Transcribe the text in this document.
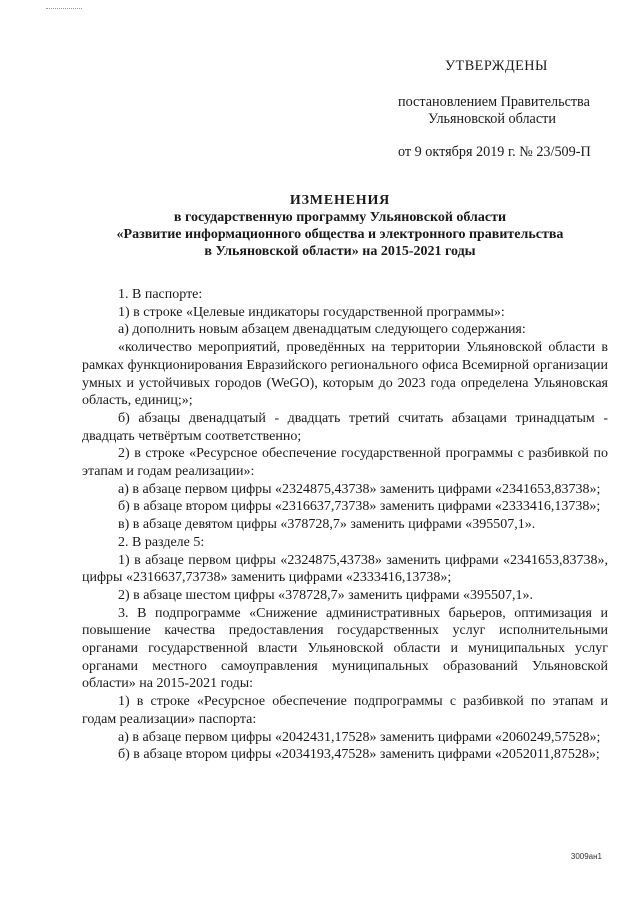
УТВЕРЖДЕНЫ
постановлением Правительства
Ульяновской области
от 9 октября 2019 г. № 23/509-П
ИЗМЕНЕНИЯ
в государственную программу Ульяновской области
«Развитие информационного общества и электронного правительства
в Ульяновской области» на 2015-2021 годы

1. В паспорте:

1) в строке «Целевые индикаторы государственной программы»:

а) дополнить новым абзацем двенадцатым следующего содержания:

«количество мероприятий, проведённых на территории Ульяновской области в рамках функционирования Евразийского регионального офиса Всемирной организации умных и устойчивых городов (WeGO), которым до 2023 года определена Ульяновская область, единиц;»;

б) абзацы двенадцатый - двадцать третий считать абзацами тринадцатым - двадцать четвёртым соответственно;

2) в строке «Ресурсное обеспечение государственной программы с разбивкой по этапам и годам реализации»:

а) в абзаце первом цифры «2324875,43738» заменить цифрами «2341653,83738»;

б) в абзаце втором цифры «2316637,73738» заменить цифрами «2333416,13738»;

в) в абзаце девятом цифры «378728,7» заменить цифрами «395507,1».

2. В разделе 5:

1) в абзаце первом цифры «2324875,43738» заменить цифрами «2341653,83738», цифры «2316637,73738» заменить цифрами «2333416,13738»;

2) в абзаце шестом цифры «378728,7» заменить цифрами «395507,1».

3. В подпрограмме «Снижение административных барьеров, оптимизация и повышение качества предоставления государственных услуг исполнительными органами государственной власти Ульяновской области и муниципальных услуг органами местного самоуправления муниципальных образований Ульяновской области» на 2015-2021 годы:

1) в строке «Ресурсное обеспечение подпрограммы с разбивкой по этапам и годам реализации» паспорта:

а) в абзаце первом цифры «2042431,17528» заменить цифрами «2060249,57528»;

б) в абзаце втором цифры «2034193,47528» заменить цифрами «2052011,87528»;

3009ан1
